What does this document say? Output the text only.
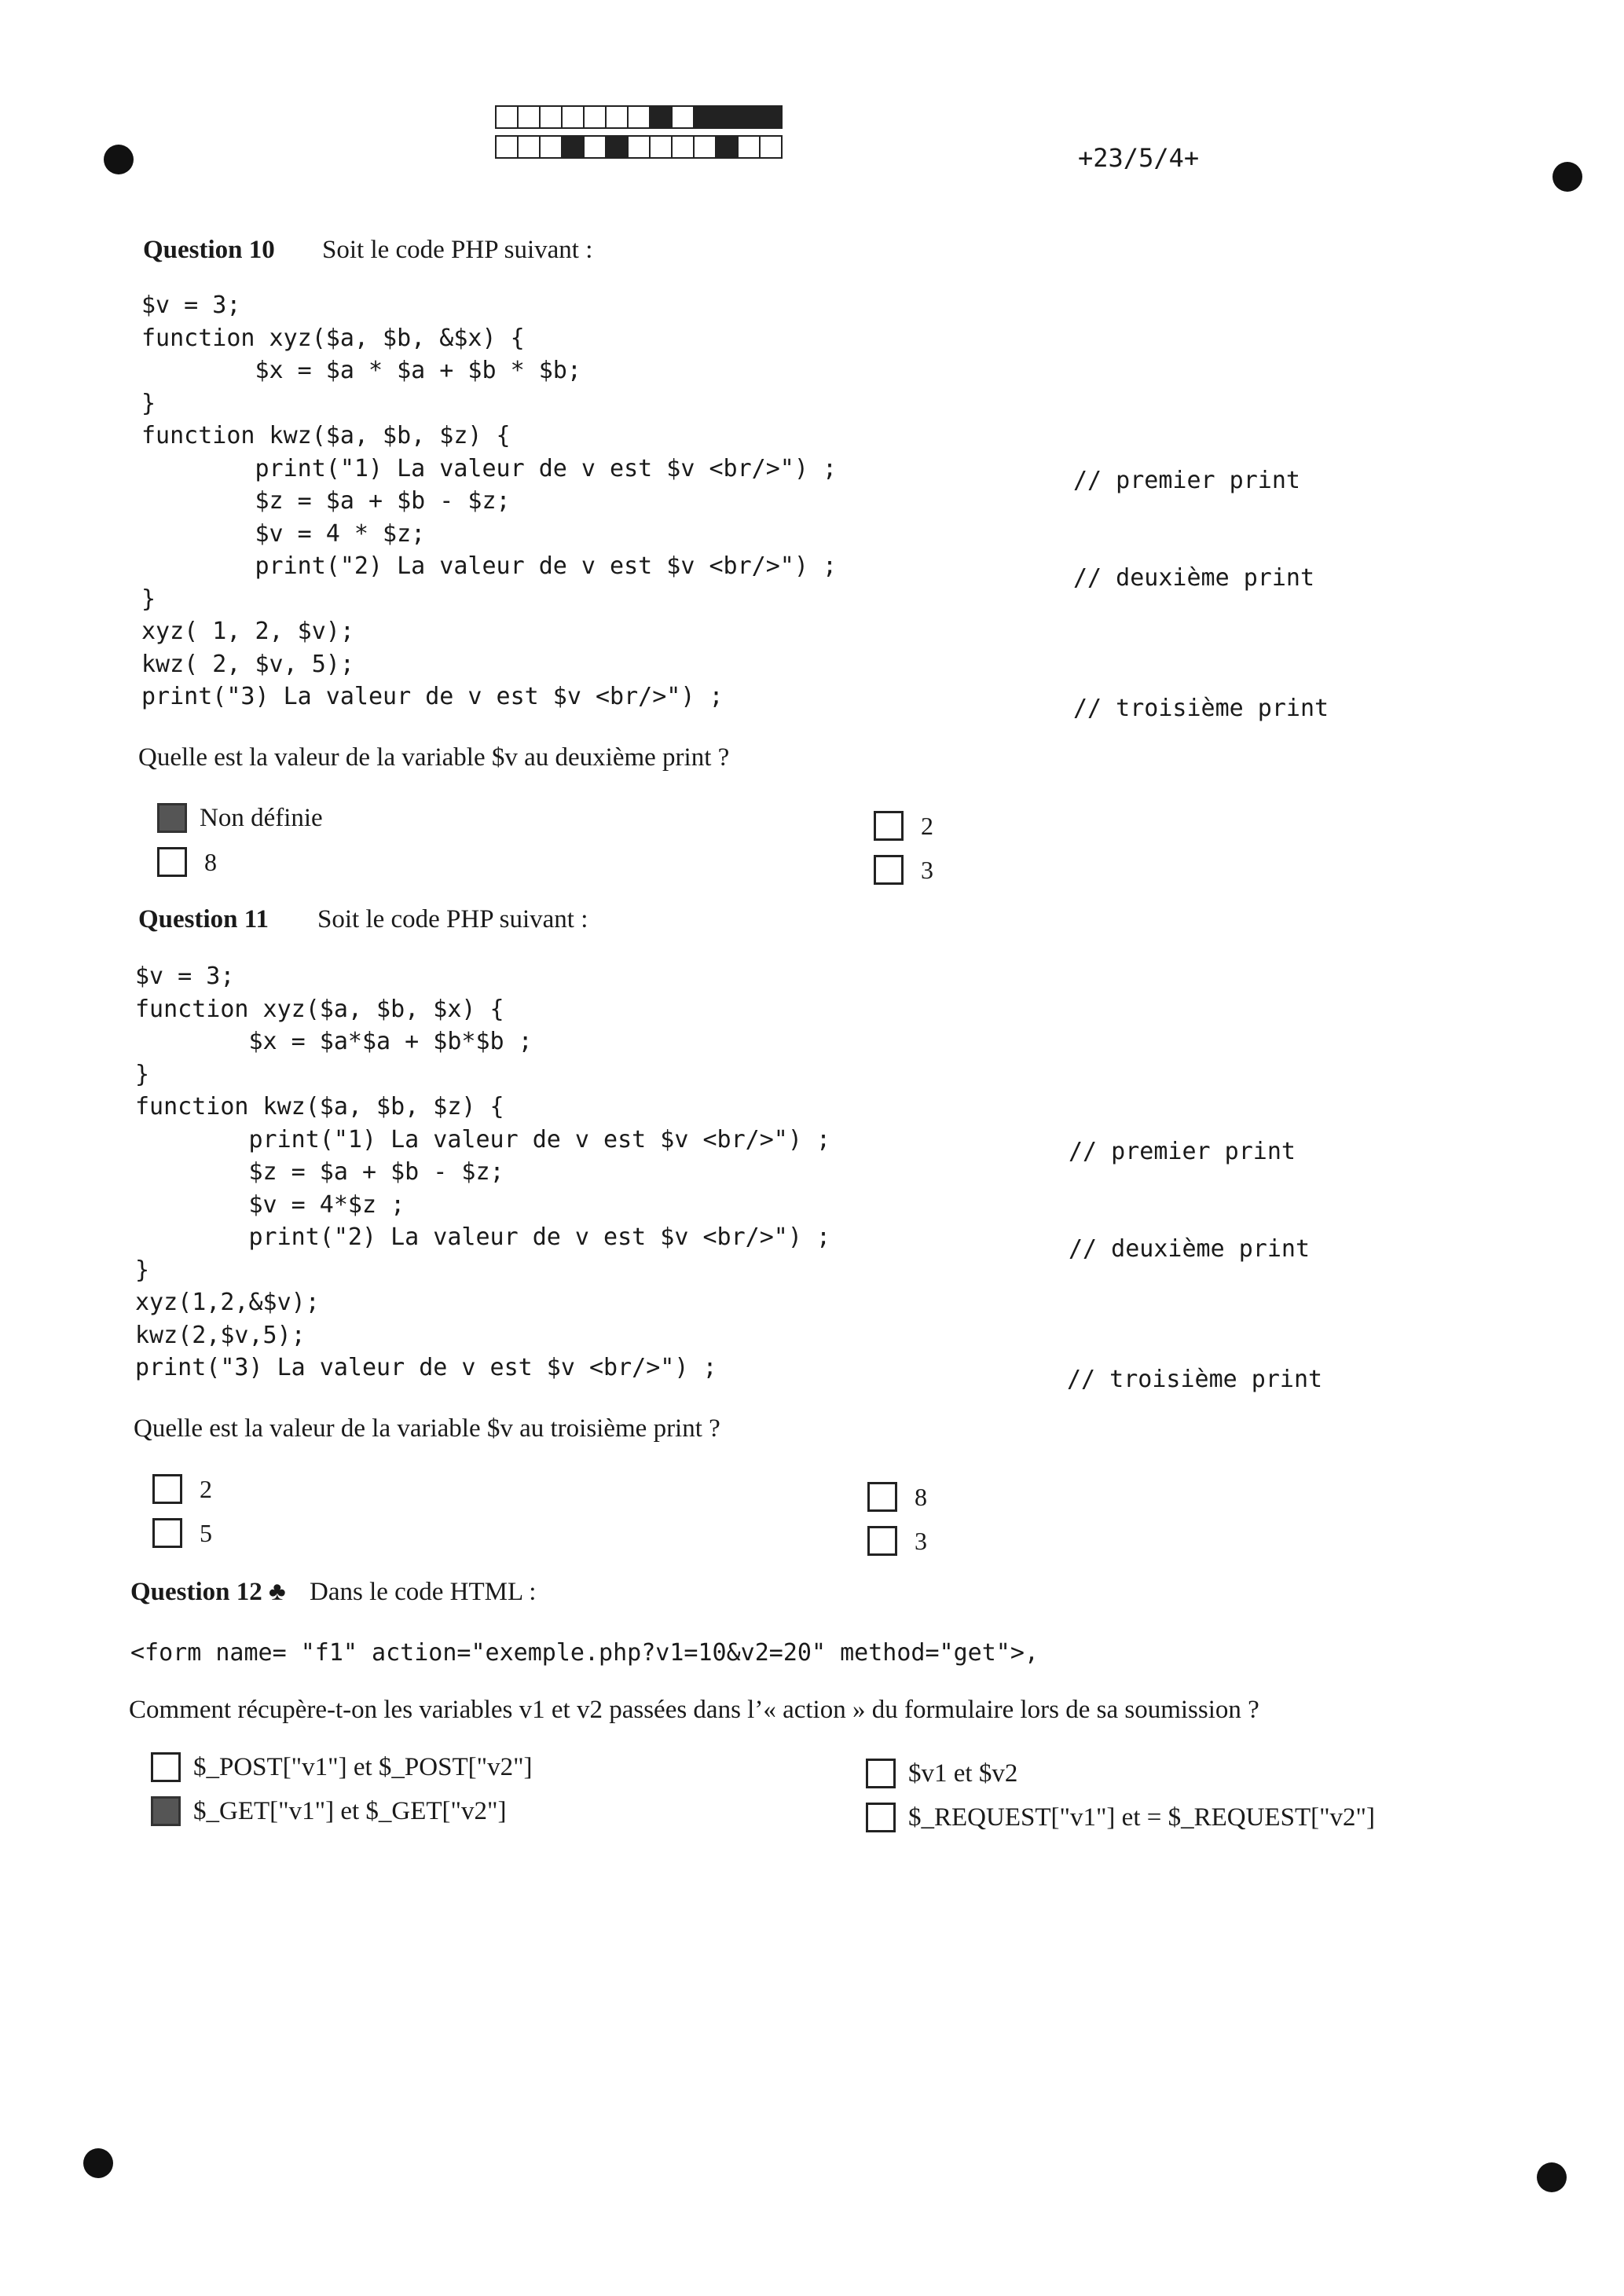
+23/5/4+
Question 10 Soit le code PHP suivant :
$v = 3;
function xyz($a, $b, &$x) {
$x = $a * $a + $b * $b;
}
function kwz($a, $b, $z) {
print("1) La valeur de v est $v <br/>") ;
$z = $a + $b - $z;
$v = 4 * $z;
print("2) La valeur de v est $v <br/>") ;
}
xyz( 1, 2, $v);
kwz( 2, $v, 5);
print("3) La valeur de v est $v <br/>") ;
// premier print
// deuxième print
// troisième print
Quelle est la valeur de la variable $v au deuxième print ?
Non définie
8
2
3
Question 11 Soit le code PHP suivant :
$v = 3;
function xyz($a, $b, $x) {
$x = $a*$a + $b*$b ;
}
function kwz($a, $b, $z) {
print("1) La valeur de v est $v <br/>") ;
$z = $a + $b - $z;
$v = 4*$z ;
print("2) La valeur de v est $v <br/>") ;
}
xyz(1,2,&$v);
kwz(2,$v,5);
print("3) La valeur de v est $v <br/>") ;
// premier print
// deuxième print
// troisième print
Quelle est la valeur de la variable $v au troisième print ?
2
5
8
3
Question 12 ♣ Dans le code HTML :
<form name= "f1" action="exemple.php?v1=10&v2=20" method="get">,
Comment récupère-t-on les variables v1 et v2 passées dans l’« action » du formulaire lors de sa soumission ?
$_POST["v1"] et $_POST["v2"]
$_GET["v1"] et $_GET["v2"]
$v1 et $v2
$_REQUEST["v1"] et = $_REQUEST["v2"]
